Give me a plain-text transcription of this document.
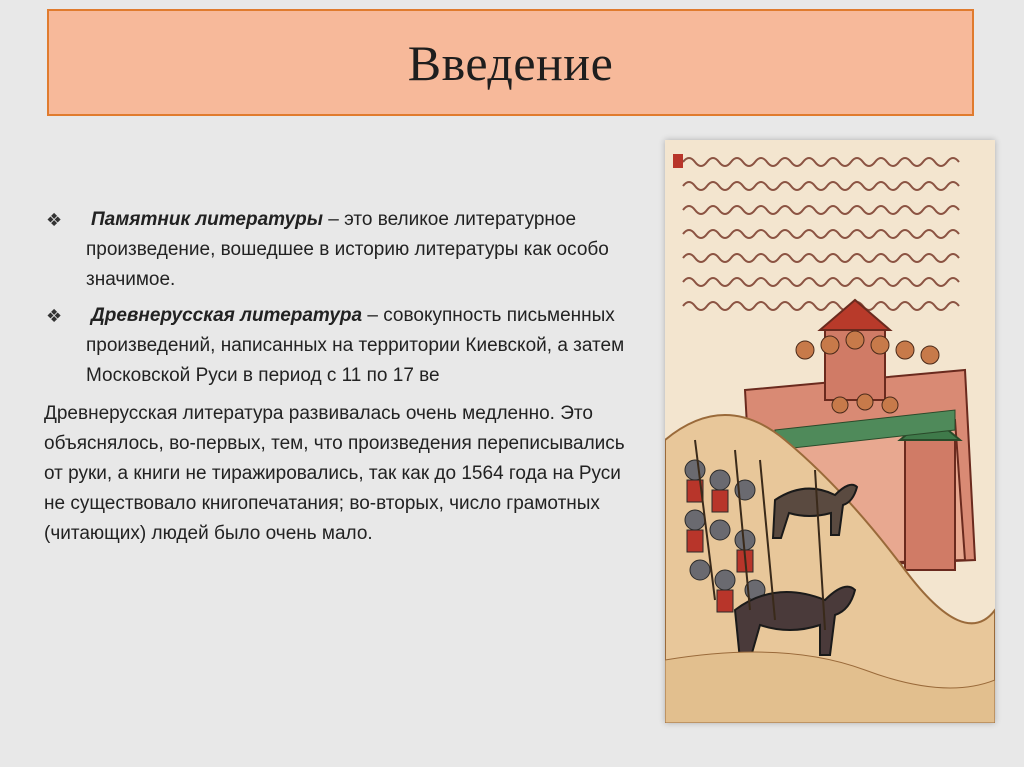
Введение
❖ Памятник литературы – это великое литературное произведение, вошедшее в историю литературы как особо значимое.
❖ Древнерусская литература – совокупность письменных произведений, написанных на территории Киевской, а затем Московской Руси в период с 11 по 17 ве
Древнерусская литература развивалась очень медленно. Это объяснялось, во-первых, тем, что произведения переписывались от руки, а книги не тиражировались, так как до 1564 года на Руси не существовало книгопечатания; во-вторых, число грамотных (читающих) людей было очень мало.
